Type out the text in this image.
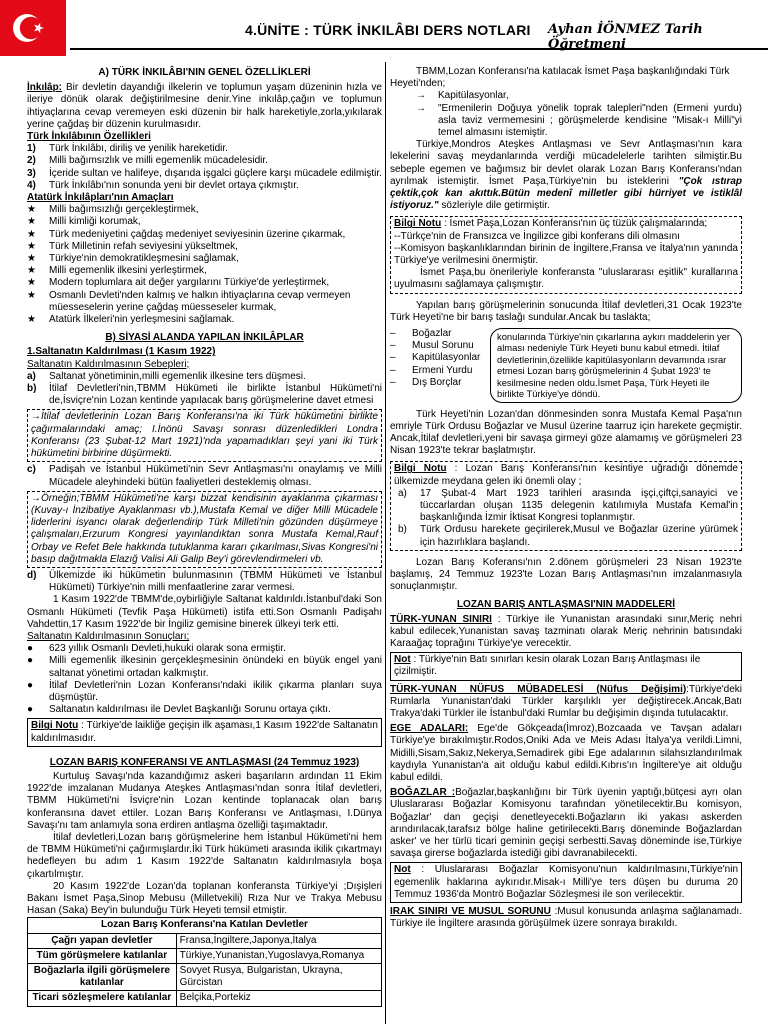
4.ÜNİTE : TÜRK İNKILÂBI DERS NOTLARI Ayhan İÖNMEZ Tarih Öğretmeni

A) TÜRK İNKILÂBI'NIN GENEL ÖZELLİKLERİ

İnkılâp: Bir devletin dayandığı ilkelerin ve toplumun yaşam düzeninin hızla ve ileriye dönük olarak değiştirilmesine denir.Yine inkılâp,çağın ve toplumun ihtiyaçlarına cevap veremeyen eski düzenin bir halk hareketiyle,zorla,yıkılarak yerine çağdaş bir düzenin kurulmasıdır.

Türk İnkılâbının Özellikleri

1)	Türk İnkılâbı, diriliş ve yenilik hareketidir.
2)	Milli bağımsızlık ve milli egemenlik mücadelesidir.
3)	İçeride sultan ve halifeye, dışarıda işgalci güçlere karşı mücadele edilmiştir.
4)	Türk İnkılâbı'nın sonunda yeni bir devlet ortaya çıkmıştır.

Atatürk İnkılâpları'nın Amaçları

★	Milli bağımsızlığı gerçekleştirmek,
★	Milli kimliği korumak,
★	Türk medeniyetini çağdaş medeniyet seviyesinin üzerine çıkarmak,
★	Türk Milletinin refah seviyesini yükseltmek,
★	Türkiye'nin demokratikleşmesini sağlamak,
★	Milli egemenlik ilkesini yerleştirmek,
★	Modern toplumlara ait değer yargılarını Türkiye'de yerleştirmek,
★	Osmanlı Devleti'nden kalmış ve halkın ihtiyaçlarına cevap vermeyen müesseselerin yerine çağdaş müesseseler kurmak,
★	Atatürk İlkeleri'nin yerleşmesini sağlamak.

B) SİYASİ ALANDA YAPILAN İNKILÂPLAR

1.Saltanatın Kaldırılması (1 Kasım 1922)

Saltanatın Kaldırılmasının Sebepleri;

a)	Saltanat yönetiminin,milli egemenlik ilkesine ters düşmesi.
b)	İtilaf Devletleri'nin,TBMM Hükümeti ile birlikte İstanbul Hükümeti'ni de,İsviçre'nin Lozan kentinde yapılacak barış görüşmelerine davet etmesi
→İtilaf devletlerinin Lozan Barış Konferansı'na iki Türk hükümetini birlikte çağırmalarındaki amaç; I.İnönü Savaşı sonrası düzenledikleri Londra Konferansı (23 Şubat-12 Mart 1921)'nda yapamadıkları şeyi yani iki Türk hükümetini birbirine düşürmekti.
c)	Padişah ve İstanbul Hükümeti'nin Sevr Antlaşması'nı onaylamış ve Milli Mücadele aleyhindeki bütün faaliyetleri desteklemiş olması.
→Örneğin;TBMM Hükümeti'ne karşı bizzat kendisinin ayaklanma çıkarması (Kuvay-ı İnzibatiye Ayaklanması vb.),Mustafa Kemal ve diğer Milli Mücadele liderlerini isyancı olarak değerlendirip Türk Milleti'nin gözünden düşürmeye çalışmaları,Erzurum Kongresi yayınlandıktan sonra Mustafa Kemal,Rauf Orbay ve Refet Bele hakkında tutuklanma kararı çıkarılması,Sivas Kongresi'ni basıp dağıtmakla Elazığ Valisi Ali Galip Bey'i görevlendirmeleri vb.
d)	Ülkemizde iki hükümetin bulunmasının (TBMM Hükümeti ve İstanbul Hükümeti) Türkiye'nin milli menfaatlerine zarar vermesi.

1 Kasım 1922'de TBMM'de,oybirliğiyle Saltanat kaldırıldı.İstanbul'daki Son Osmanlı Hükümeti (Tevfik Paşa Hükümeti) istifa etti.Son Osmanlı Padişahı Vahdettin,17 Kasım 1922'de bir İngiliz gemisine binerek ülkeyi terk etti.

Saltanatın Kaldırılmasının Sonuçları;

●	623 yıllık Osmanlı Devleti,hukuki olarak sona ermiştir.
●	Milli egemenlik ilkesinin gerçekleşmesinin önündeki en büyük engel yani saltanat yönetimi ortadan kalkmıştır.
●	İtilaf Devletleri'nin Lozan Konferansı'ndaki ikilik çıkarma planları suya düşmüştür.
●	Saltanatın kaldırılması ile Devlet Başkanlığı Sorunu ortaya çıktı.
Bilgi Notu : Türkiye'de laikliğe geçişin ilk aşaması,1 Kasım 1922'de Saltanatın kaldırılmasıdır.

LOZAN BARIŞ KONFERANSI VE ANTLAŞMASI (24 Temmuz 1923)

Kurtuluş Savaşı'nda kazandığımız askeri başarıların ardından 11 Ekim 1922'de imzalanan Mudanya Ateşkes Antlaşması'ndan sonra İtilaf devletleri, TBMM Hükümeti'ni İsviçre'nin Lozan kentinde toplanacak olan barış konferansına davet ettiler. Lozan Barış Konferansı ve Antlaşması, I.Dünya Savaşı'nı tam anlamıyla sona erdiren antlaşma özelliği taşımaktadır.

İtilaf devletleri,Lozan barış görüşmelerine hem İstanbul Hükümeti'ni hem de TBMM Hükümeti'ni çağırmışlardır.İki Türk hükümeti arasında ikilik çıkartmayı hedefleyen bu adım 1 Kasım 1922'de Saltanatın kaldırılmasıyla boşa çıkartılmıştır.

20 Kasım 1922'de Lozan'da toplanan konferansta Türkiye'yi ;Dışişleri Bakanı İsmet Paşa,Sinop Mebusu (Milletvekili) Rıza Nur ve Trakya Mebusu Hasan (Saka) Bey'in bulunduğu Türk Heyeti temsil etmiştir.

Lozan Barış Konferansı'na Katılan Devletler	
Çağrı yapan devletler	Fransa,İngiltere,Japonya,İtalya
Tüm görüşmelere katılanlar	Türkiye,Yunanistan,Yugoslavya,Romanya
Boğazlarla ilgili görüşmelere katılanlar	Sovyet Rusya, Bulgaristan, Ukrayna, Gürcistan
Ticari sözleşmelere katılanlar	Belçika,Portekiz

TBMM,Lozan Konferansı'na katılacak İsmet Paşa başkanlığındaki Türk Heyeti'nden;

→	Kapitülasyonlar,
→	"Ermenilerin Doğuya yönelik toprak talepleri"nden (Ermeni yurdu) asla taviz vermemesini ; görüşmelerde kendisine "Misak-ı Milli"yi temel almasını istemiştir.

Türkiye,Mondros Ateşkes Antlaşması ve Sevr Antlaşması'nın kara lekelerini savaş meydanlarında verdiği mücadelelerle tarihten silmiştir.Bu sebeple egemen ve bağımsız bir devlet olarak Lozan Barış Konferansı'ndan ayrılmak istemiştir. İsmet Paşa,Türkiye'nin bu isteklerini "Çok ıstırap çektik,çok kan akıttık.Bütün medenî milletler gibi hürriyet ve istiklâl istiyoruz." sözleriyle dile getirmiştir.

Bilgi Notu : İsmet Paşa,Lozan Konferansı'nın üç tüzük çalışmalarında;

--Türkçe'nin de Fransızca ve İngilizce gibi konferans dili olmasını

--Komisyon başkanlıklarından birinin de İngiltere,Fransa ve İtalya'nın yanında Türkiye'ye verilmesini önermiştir.

İsmet Paşa,bu önerileriyle konferansta "uluslararası eşitlik" kurallarına uyulmasını sağlamaya çalışmıştır.

Yapılan barış görüşmelerinin sonucunda İtilaf devletleri,31 Ocak 1923'te Türk Heyeti'ne bir barış taslağı sundular.Ancak bu taslakta;

–	Boğazlar
–	Musul Sorunu
–	Kapitülasyonlar
–	Ermeni Yurdu
–	Dış Borçlar
konularında Türkiye'nin çıkarlarına aykırı maddelerin yer alması nedeniyle Türk Heyeti bunu kabul etmedi. İtilaf devletlerinin,özellikle kapitülasyonların devamında ısrar etmesi Lozan barış görüşmelerinin 4 Şubat 1923' te kesilmesine neden oldu.İsmet Paşa, Türk Heyeti ile birlikte Türkiye'ye döndü.

Türk Heyeti'nin Lozan'dan dönmesinden sonra Mustafa Kemal Paşa'nın emriyle Türk Ordusu Boğazlar ve Musul üzerine taarruz için harekete geçmiştir. Ancak,İtilaf devletleri,yeni bir savaşa girmeyi göze alamamış ve görüşmeleri 23 Nisan 1923'te tekrar başlatmıştır.

Bilgi Notu : Lozan Barış Konferansı'nın kesintiye uğradığı dönemde ülkemizde meydana gelen iki önemli olay ;

a)	17 Şubat-4 Mart 1923 tarihleri arasında işçi,çiftçi,sanayici ve tüccarlardan oluşan 1135 delegenin katılımıyla Mustafa Kemal'in başkanlığında İzmir İktisat Kongresi toplanmıştır.
b)	Türk Ordusu harekete geçirilerek,Musul ve Boğazlar üzerine yürümek için hazırlıklara başlandı.

Lozan Barış Koferansı'nın 2.dönem görüşmeleri 23 Nisan 1923'te başlamış, 24 Temmuz 1923'te Lozan Barış Antlaşması'nın imzalanmasıyla sonuçlanmıştır.

LOZAN BARIŞ ANTLAŞMASI'NIN MADDELERİ

TÜRK-YUNAN SINIRI : Türkiye ile Yunanistan arasındaki sınır,Meriç nehri kabul edilecek,Yunanistan savaş tazminatı olarak Meriç nehrinin batısındaki Karaağaç toprağını Türkiye'ye verecektir.

Not : Türkiye'nin Batı sınırları kesin olarak Lozan Barış Antlaşması ile çizilmiştir.

TÜRK-YUNAN NÜFUS MÜBADELESİ (Nüfus Değişimi):Türkiye'deki Rumlarla Yunanistan'daki Türkler karşılıklı yer değiştirecek.Ancak,Batı Trakya'daki Türkler ile İstanbul'daki Rumlar bu değişimin dışında tutulacaktır.

EGE ADALARI: Ege'de Gökçeada(İmroz),Bozcaada ve Tavşan adaları Türkiye'ye bırakılmıştır.Rodos,Oniki Ada ve Meis Adası İtalya'ya verildi.Limni, Midilli,Sisam,Sakız,Nekerya,Semadirek gibi Ege adalarının silahsızlandırılmak kaydıyla Yunanistan'a ait olduğu kabul edildi.Kıbrıs'ın İngiltere'ye ait olduğu kabul edildi.

BOĞAZLAR :Boğazlar,başkanlığını bir Türk üyenin yaptığı,bütçesi ayrı olan Uluslararası Boğazlar Komisyonu tarafından yönetilecektir.Bu komisyon, Boğazlar' dan geçişi denetleyecekti.Boğazların iki yakası askerden arındırılacak,tarafsız bölge haline getirilecekti.Barış döneminde Boğazlardan asker' ve her türlü ticari geminin geçişi serbestti.Savaş döneminde ise,Türkiye savaşa girerse boğazlarda istediği gibi davranabilecekti.

Not : Uluslararası Boğazlar Komisyonu'nun kaldırılmasını,Türkiye'nin egemenlik haklarına aykırıdır.Misak-ı Milli'ye ters düşen bu duruma 20 Temmuz 1936'da Montrö Boğazlar Sözleşmesi ile son verilecektir.

IRAK SINIRI VE MUSUL SORUNU :Musul konusunda anlaşma sağlanamadı. Türkiye ile İngiltere arasında görüşülmek üzere sonraya bırakıldı.
